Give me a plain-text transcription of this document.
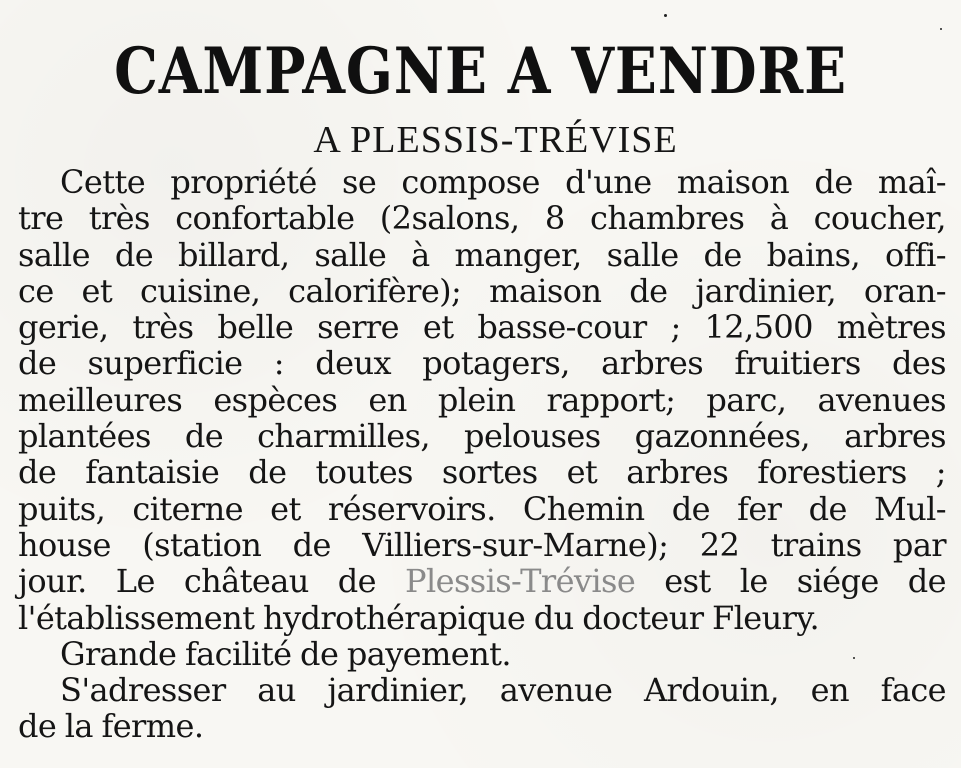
CAMPAGNE A VENDRE
A PLESSIS-TRÉVISE
Cette propriété se compose d'une maison de maî-
tre très confortable (2salons, 8 chambres à coucher,
salle de billard, salle à manger, salle de bains, offi-
ce et cuisine, calorifère); maison de jardinier, oran-
gerie, très belle serre et basse-cour ; 12,500 mètres
de superficie : deux potagers, arbres fruitiers des
meilleures espèces en plein rapport; parc, avenues
plantées de charmilles, pelouses gazonnées, arbres
de fantaisie de toutes sortes et arbres forestiers ;
puits, citerne et réservoirs. Chemin de fer de Mul-
house (station de Villiers-sur-Marne); 22 trains par
jour. Le château de Plessis-Trévise est le siége de
l'établissement hydrothérapique du docteur Fleury.
Grande facilité de payement.
S'adresser au jardinier, avenue Ardouin, en face
de la ferme.
